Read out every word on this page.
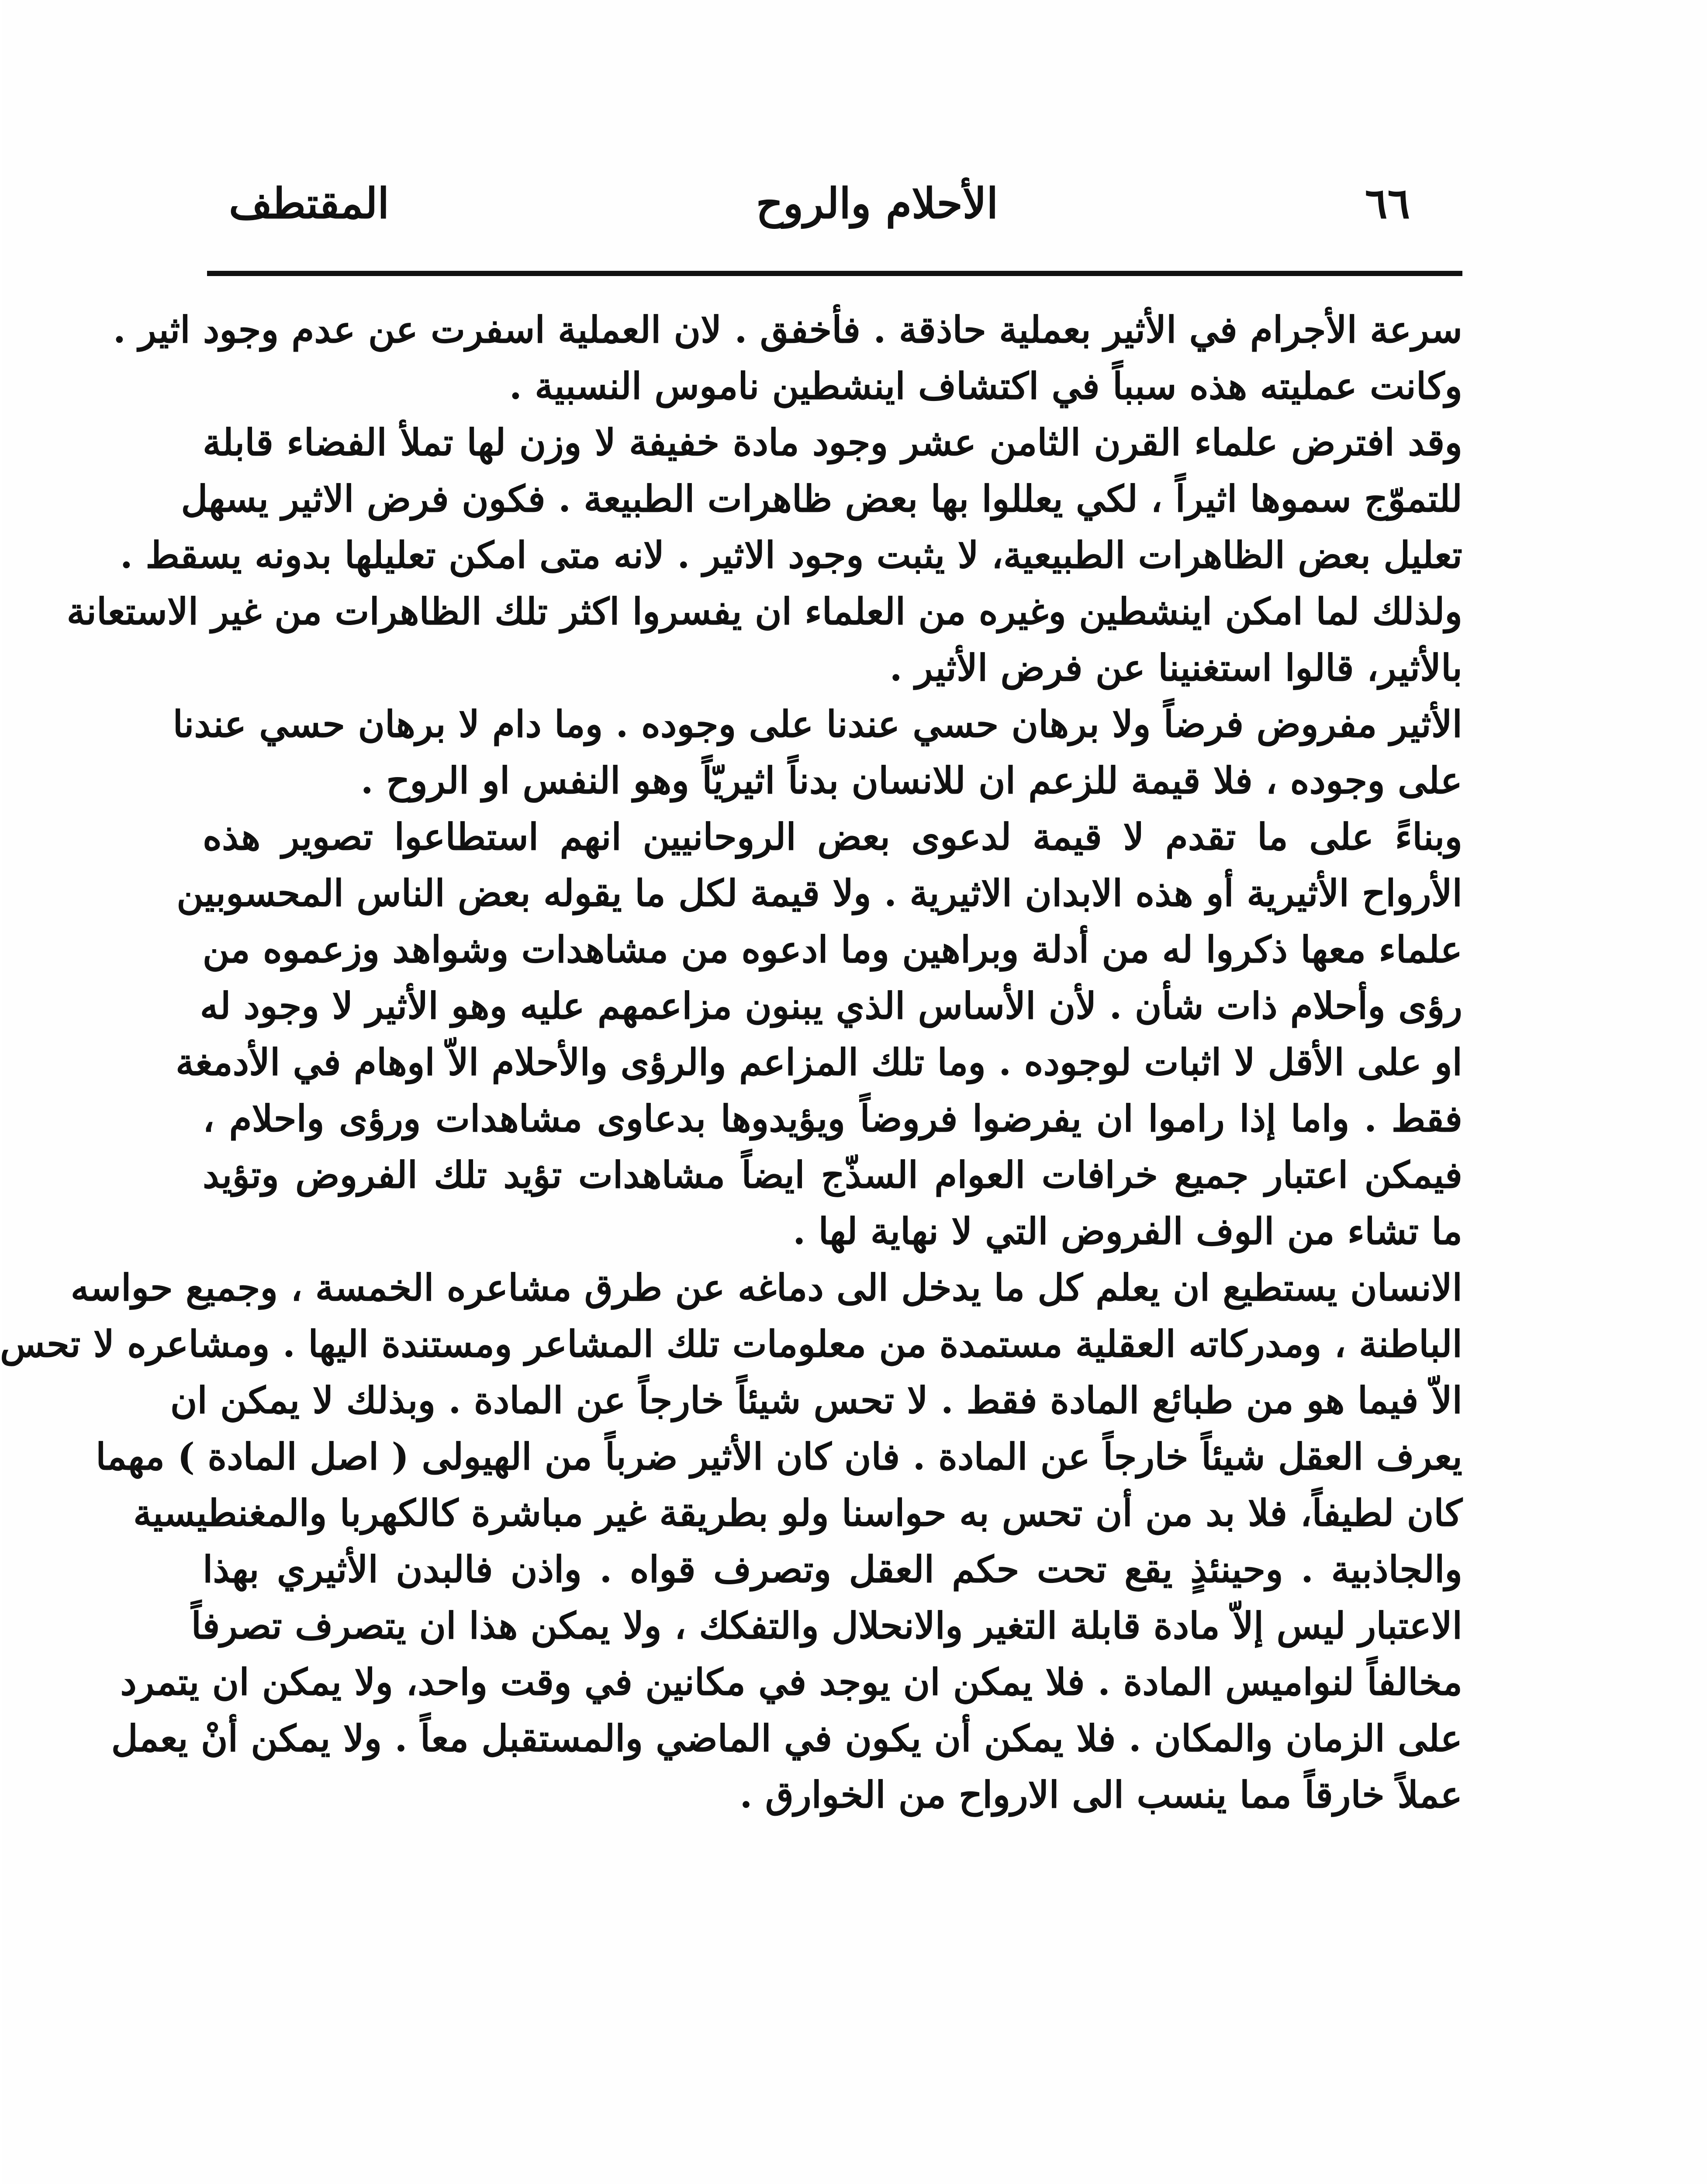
٦٦
الأحلام والروح
المقتطف
سرعة الأجرام في الأثير بعملية حاذقة . فأخفق . لان العملية اسفرت عن عدم وجود اثير .
وكانت عمليته هذه سبباً في اكتشاف اينشطين ناموس النسبية .
وقد افترض علماء القرن الثامن عشر وجود مادة خفيفة لا وزن لها تملأ الفضاء قابلة
للتموّج سموها اثيراً ، لكي يعللوا بها بعض ظاهرات الطبيعة . فكون فرض الاثير يسهل
تعليل بعض الظاهرات الطبيعية، لا يثبت وجود الاثير . لانه متى امكن تعليلها بدونه يسقط .
ولذلك لما امكن اينشطين وغيره من العلماء ان يفسروا اكثر تلك الظاهرات من غير الاستعانة
بالأثير، قالوا استغنينا عن فرض الأثير .
الأثير مفروض فرضاً ولا برهان حسي عندنا على وجوده . وما دام لا برهان حسي عندنا
على وجوده ، فلا قيمة للزعم ان للانسان بدناً اثيريّاً وهو النفس او الروح .
وبناءً على ما تقدم لا قيمة لدعوى بعض الروحانيين انهم استطاعوا تصوير هذه
الأرواح الأثيرية أو هذه الابدان الاثيرية . ولا قيمة لكل ما يقوله بعض الناس المحسوبين
علماء معها ذكروا له من أدلة وبراهين وما ادعوه من مشاهدات وشواهد وزعموه من
رؤى وأحلام ذات شأن . لأن الأساس الذي يبنون مزاعمهم عليه وهو الأثير لا وجود له
او على الأقل لا اثبات لوجوده . وما تلك المزاعم والرؤى والأحلام الاّ اوهام في الأدمغة
فقط . واما إذا راموا ان يفرضوا فروضاً ويؤيدوها بدعاوى مشاهدات ورؤى واحلام ،
فيمكن اعتبار جميع خرافات العوام السذّج ايضاً مشاهدات تؤيد تلك الفروض وتؤيد
ما تشاء من الوف الفروض التي لا نهاية لها .
الانسان يستطيع ان يعلم كل ما يدخل الى دماغه عن طرق مشاعره الخمسة ، وجميع حواسه
الباطنة ، ومدركاته العقلية مستمدة من معلومات تلك المشاعر ومستندة اليها . ومشاعره لا تحس
الاّ فيما هو من طبائع المادة فقط . لا تحس شيئاً خارجاً عن المادة . وبذلك لا يمكن ان
يعرف العقل شيئاً خارجاً عن المادة . فان كان الأثير ضرباً من الهيولى ( اصل المادة ) مهما
كان لطيفاً، فلا بد من أن تحس به حواسنا ولو بطريقة غير مباشرة كالكهربا والمغنطيسية
والجاذبية . وحينئذٍ يقع تحت حكم العقل وتصرف قواه . واذن فالبدن الأثيري بهذا
الاعتبار ليس إلاّ مادة قابلة التغير والانحلال والتفكك ، ولا يمكن هذا ان يتصرف تصرفاً
مخالفاً لنواميس المادة . فلا يمكن ان يوجد في مكانين في وقت واحد، ولا يمكن ان يتمرد
على الزمان والمكان . فلا يمكن أن يكون في الماضي والمستقبل معاً . ولا يمكن أنْ يعمل
عملاً خارقاً مما ينسب الى الارواح من الخوارق .
